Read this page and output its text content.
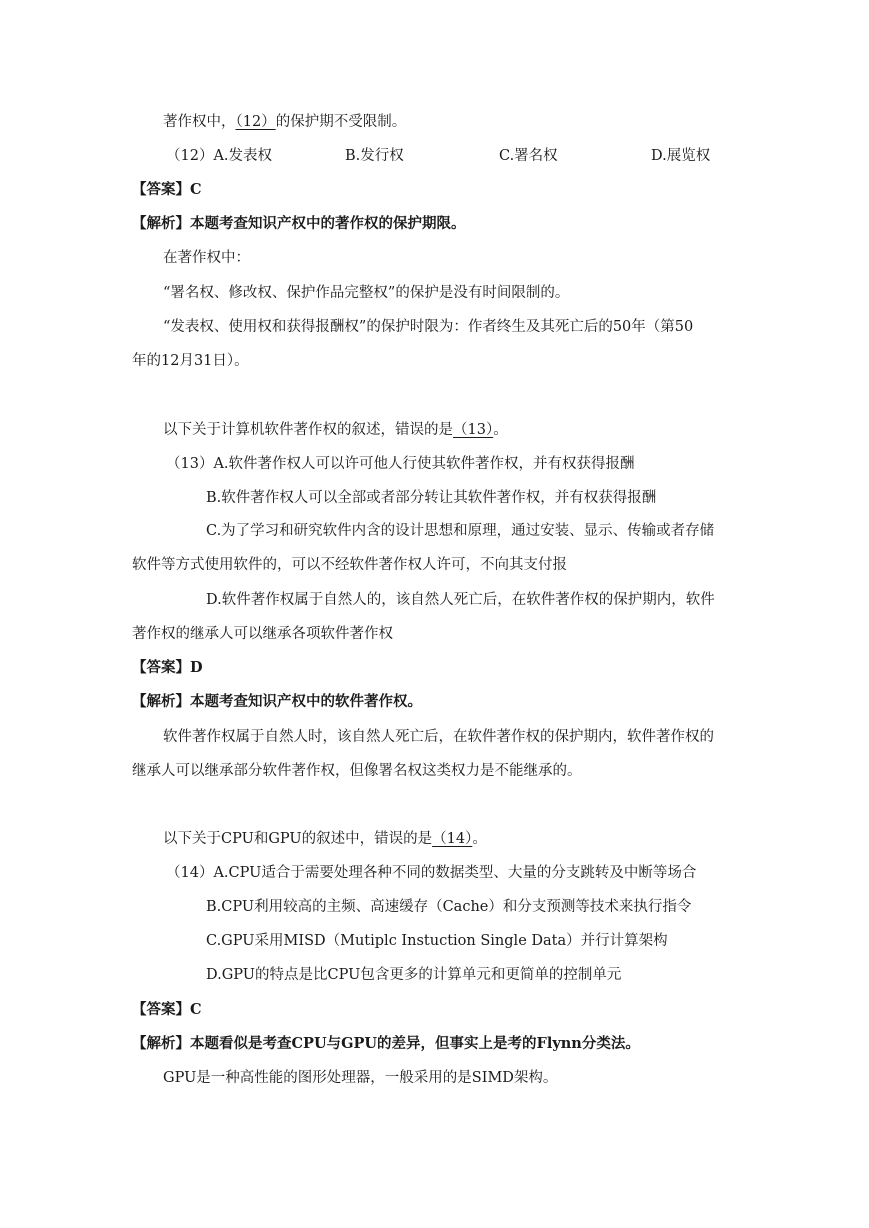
著作权中，（12）的保护期不受限制。
（12）A.发表权	B.发行权	C.署名权	D.展览权
【答案】C
【解析】本题考查知识产权中的著作权的保护期限。
在著作权中：
“署名权、修改权、保护作品完整权”的保护是没有时间限制的。
“发表权、使用权和获得报酬权”的保护时限为：作者终生及其死亡后的50年（第50
年的12月31日）。
以下关于计算机软件著作权的叙述，错误的是（13）。
（13）A.软件著作权人可以许可他人行使其软件著作权，并有权获得报酬
B.软件著作权人可以全部或者部分转让其软件著作权，并有权获得报酬
C.为了学习和研究软件内含的设计思想和原理，通过安装、显示、传输或者存储
软件等方式使用软件的，可以不经软件著作权人许可，不向其支付报
D.软件著作权属于自然人的，该自然人死亡后，在软件著作权的保护期内，软件
著作权的继承人可以继承各项软件著作权
【答案】D
【解析】本题考查知识产权中的软件著作权。
软件著作权属于自然人时，该自然人死亡后，在软件著作权的保护期内，软件著作权的
继承人可以继承部分软件著作权，但像署名权这类权力是不能继承的。
以下关于CPU和GPU的叙述中，错误的是（14）。
（14）A.CPU适合于需要处理各种不同的数据类型、大量的分支跳转及中断等场合
B.CPU利用较高的主频、高速缓存（Cache）和分支预测等技术来执行指令
C.GPU采用MISD（Mutiplc Instuction Single Data）并行计算架构
D.GPU的特点是比CPU包含更多的计算单元和更简单的控制单元
【答案】C
【解析】本题看似是考查CPU与GPU的差异，但事实上是考的Flynn分类法。
GPU是一种高性能的图形处理器，一般采用的是SIMD架构。
